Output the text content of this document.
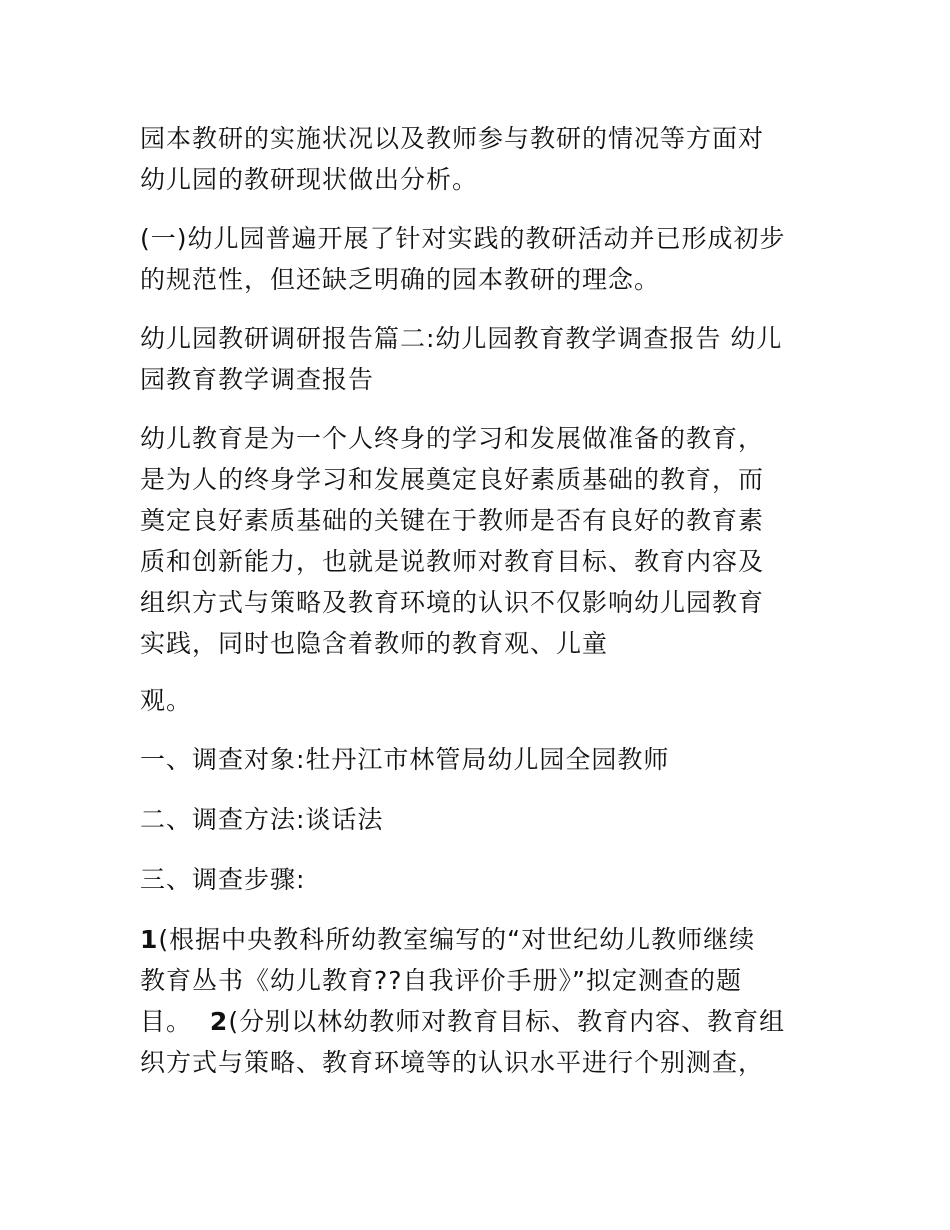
园本教研的实施状况以及教师参与教研的情况等方面对
幼儿园的教研现状做出分析。

(一)幼儿园普遍开展了针对实践的教研活动并已形成初步
的规范性，但还缺乏明确的园本教研的理念。

幼儿园教研调研报告篇二:幼儿园教育教学调查报告 幼儿
园教育教学调查报告

幼儿教育是为一个人终身的学习和发展做准备的教育，
是为人的终身学习和发展奠定良好素质基础的教育，而
奠定良好素质基础的关键在于教师是否有良好的教育素
质和创新能力，也就是说教师对教育目标、教育内容及
组织方式与策略及教育环境的认识不仅影响幼儿园教育
实践，同时也隐含着教师的教育观、儿童

观。

一、调查对象:牡丹江市林管局幼儿园全园教师

二、调查方法:谈话法

三、调查步骤:

1(根据中央教科所幼教室编写的“对世纪幼儿教师继续
教育丛书《幼儿教育??自我评价手册》”拟定测查的题
目。  2(分别以林幼教师对教育目标、教育内容、教育组
织方式与策略、教育环境等的认识水平进行个别测查，
